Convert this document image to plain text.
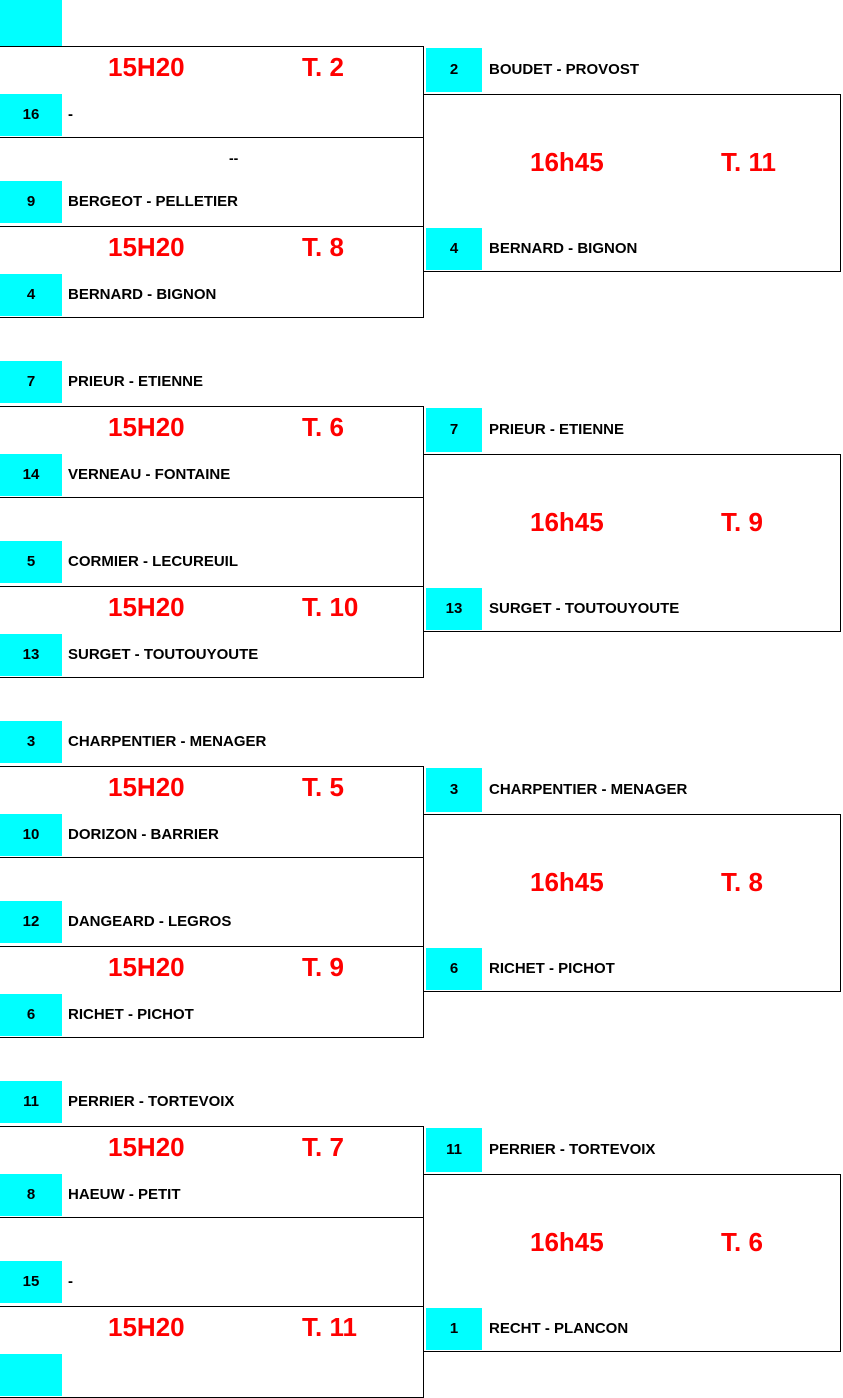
--
15H20	T. 2
16	-
9	BERGEOT - PELLETIER
15H20	T. 8
4	BERNARD - BIGNON
7	PRIEUR - ETIENNE
15H20	T. 6
14	VERNEAU - FONTAINE
5	CORMIER - LECUREUIL
15H20	T. 10
13	SURGET - TOUTOUYOUTE
3	CHARPENTIER - MENAGER
15H20	T. 5
10	DORIZON - BARRIER
12	DANGEARD - LEGROS
15H20	T. 9
6	RICHET - PICHOT
11	PERRIER - TORTEVOIX
15H20	T. 7
8	HAEUW - PETIT
15	-
15H20	T. 11
2	BOUDET - PROVOST
16h45	T. 11
4	BERNARD - BIGNON
7	PRIEUR - ETIENNE
16h45	T. 9
13	SURGET - TOUTOUYOUTE
3	CHARPENTIER - MENAGER
16h45	T. 8
6	RICHET - PICHOT
11	PERRIER - TORTEVOIX
16h45	T. 6
1	RECHT - PLANCON
